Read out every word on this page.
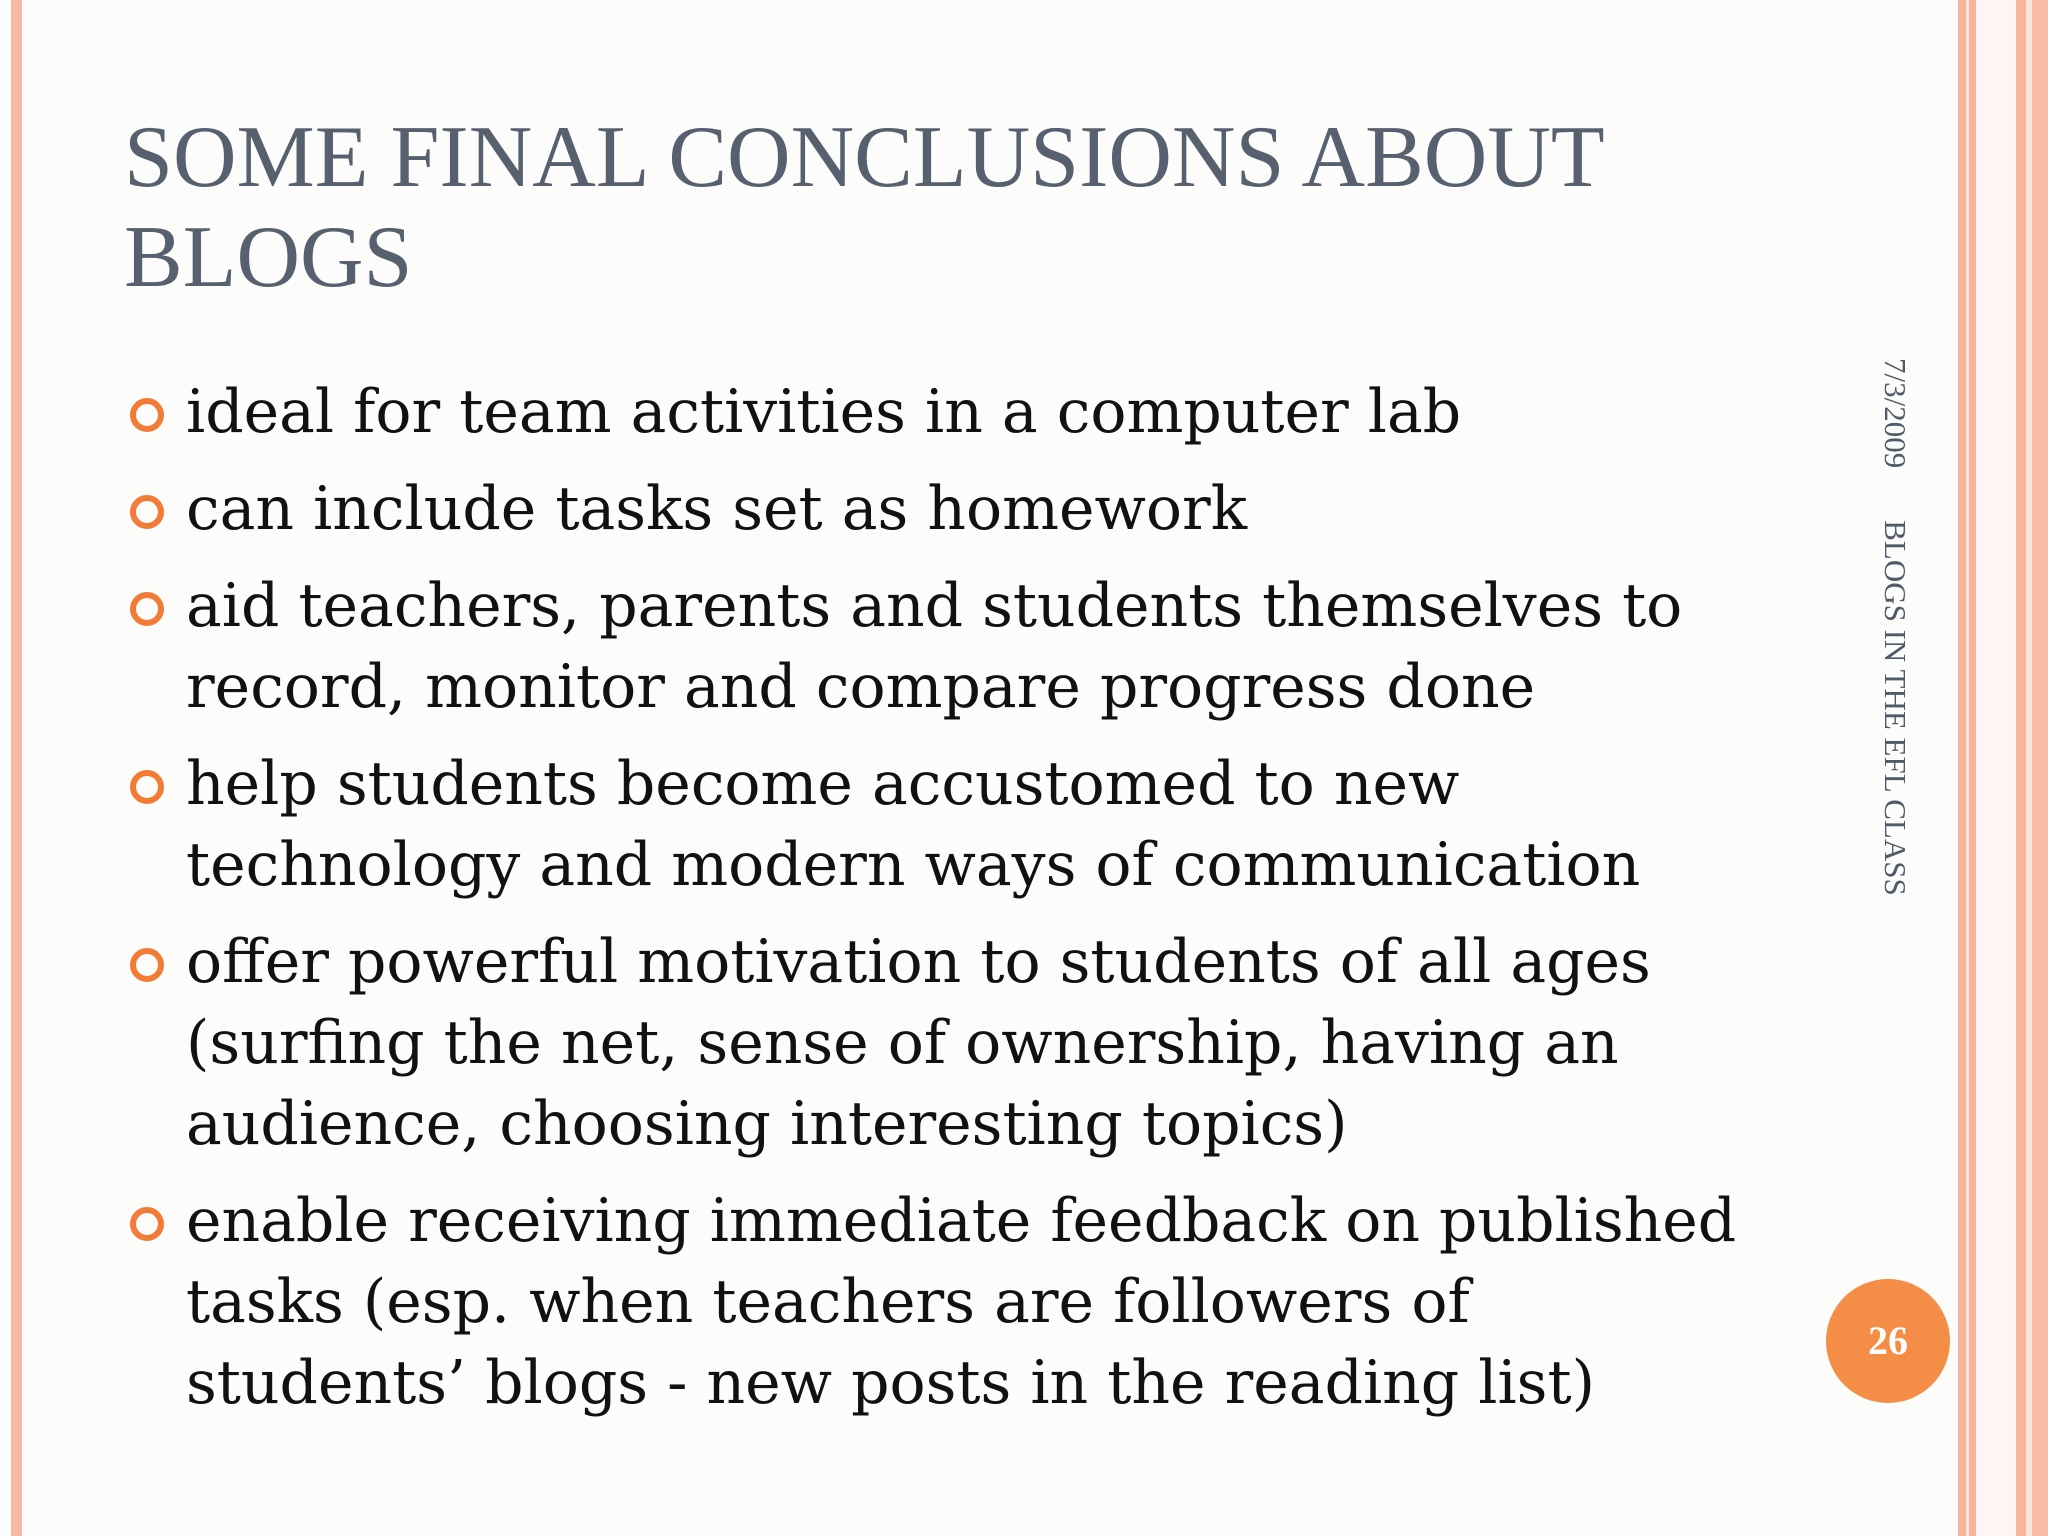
SOME FINAL CONCLUSIONS ABOUT BLOGS
ideal for team activities in a computer lab
can include tasks set as homework
aid teachers, parents and students themselves to record, monitor and compare progress done
help students become accustomed to new technology and modern ways of communication
offer powerful motivation to students of all ages (surfing the net, sense of ownership, having an audience, choosing interesting topics)
enable receiving immediate feedback on published tasks (esp. when teachers are followers of students’ blogs - new posts in the reading list)
7/3/2009BLOGS IN THE EFL CLASS
26
